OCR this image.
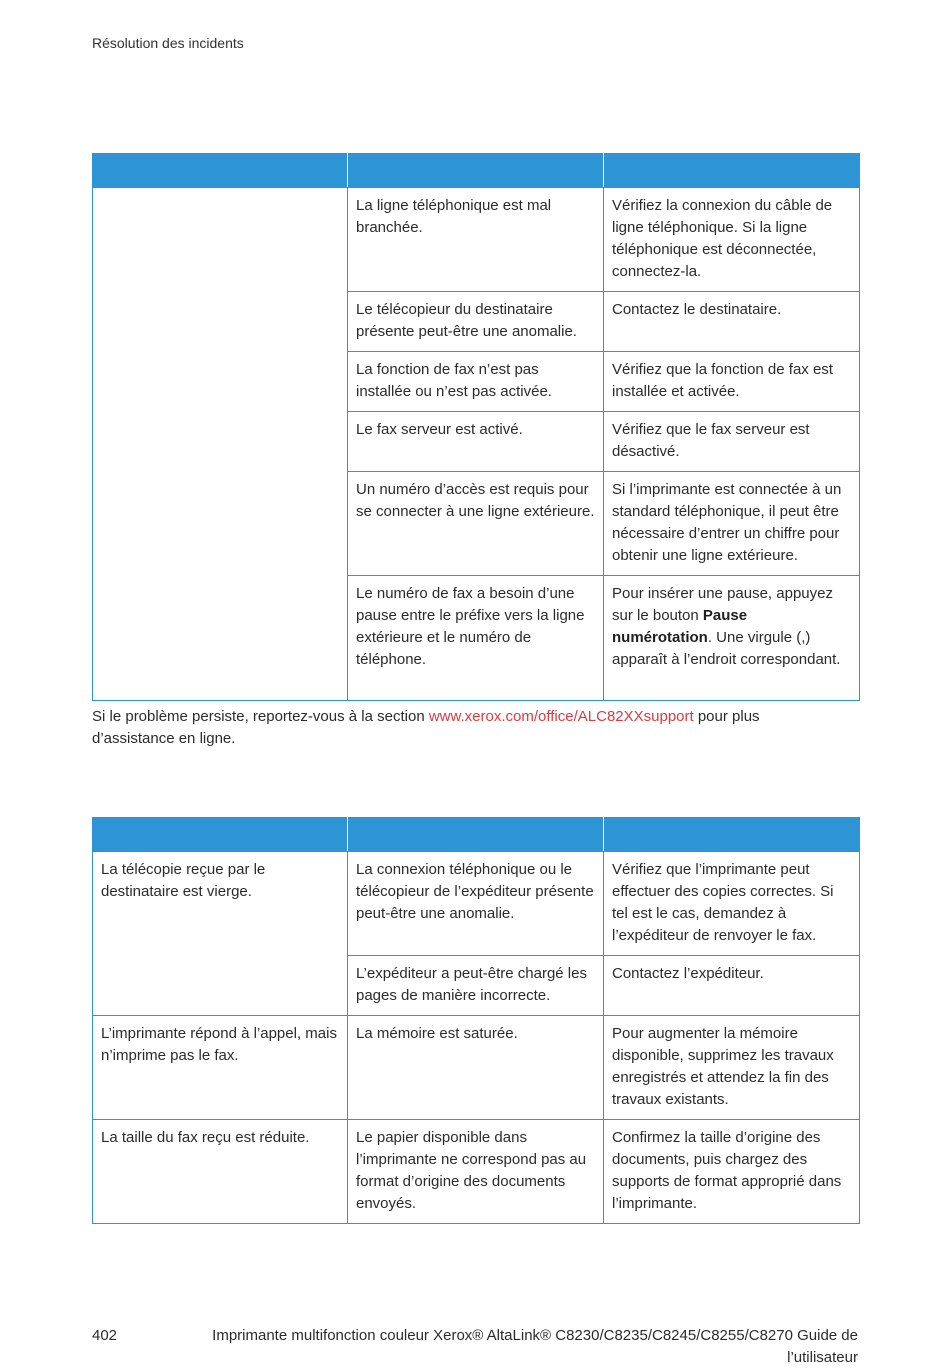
Résolution des incidents

	La ligne téléphonique est mal branchée.	Vérifiez la connexion du câble de ligne téléphonique. Si la ligne téléphonique est déconnectée, connectez-la.
	Le télécopieur du destinataire présente peut-être une anomalie.	Contactez le destinataire.
	La fonction de fax n’est pas installée ou n’est pas activée.	Vérifiez que la fonction de fax est installée et activée.
	Le fax serveur est activé.	Vérifiez que le fax serveur est désactivé.
	Un numéro d’accès est requis pour se connecter à une ligne extérieure.	Si l’imprimante est connectée à un standard téléphonique, il peut être nécessaire d’entrer un chiffre pour obtenir une ligne extérieure.
	Le numéro de fax a besoin d’une pause entre le préfixe vers la ligne extérieure et le numéro de téléphone.	Pour insérer une pause, appuyez sur le bouton Pause numérotation. Une virgule (,) apparaît à l’endroit correspondant.
Si le problème persiste, reportez-vous à la section www.xerox.com/office/ALC82XXsupport pour plus d’assistance en ligne.

La télécopie reçue par le destinataire est vierge.	La connexion téléphonique ou le télécopieur de l’expéditeur présente peut-être une anomalie.	Vérifiez que l’imprimante peut effectuer des copies correctes. Si tel est le cas, demandez à l’expéditeur de renvoyer le fax.
	L’expéditeur a peut-être chargé les pages de manière incorrecte.	Contactez l’expéditeur.
L’imprimante répond à l’appel, mais n’imprime pas le fax.	La mémoire est saturée.	Pour augmenter la mémoire disponible, supprimez les travaux enregistrés et attendez la fin des travaux existants.
La taille du fax reçu est réduite.	Le papier disponible dans l’imprimante ne correspond pas au format d’origine des documents envoyés.	Confirmez la taille d’origine des documents, puis chargez des supports de format approprié dans l’imprimante.
402	Imprimante multifonction couleur Xerox® AltaLink® C8230/C8235/C8245/C8255/C8270 Guide de l’utilisateur
